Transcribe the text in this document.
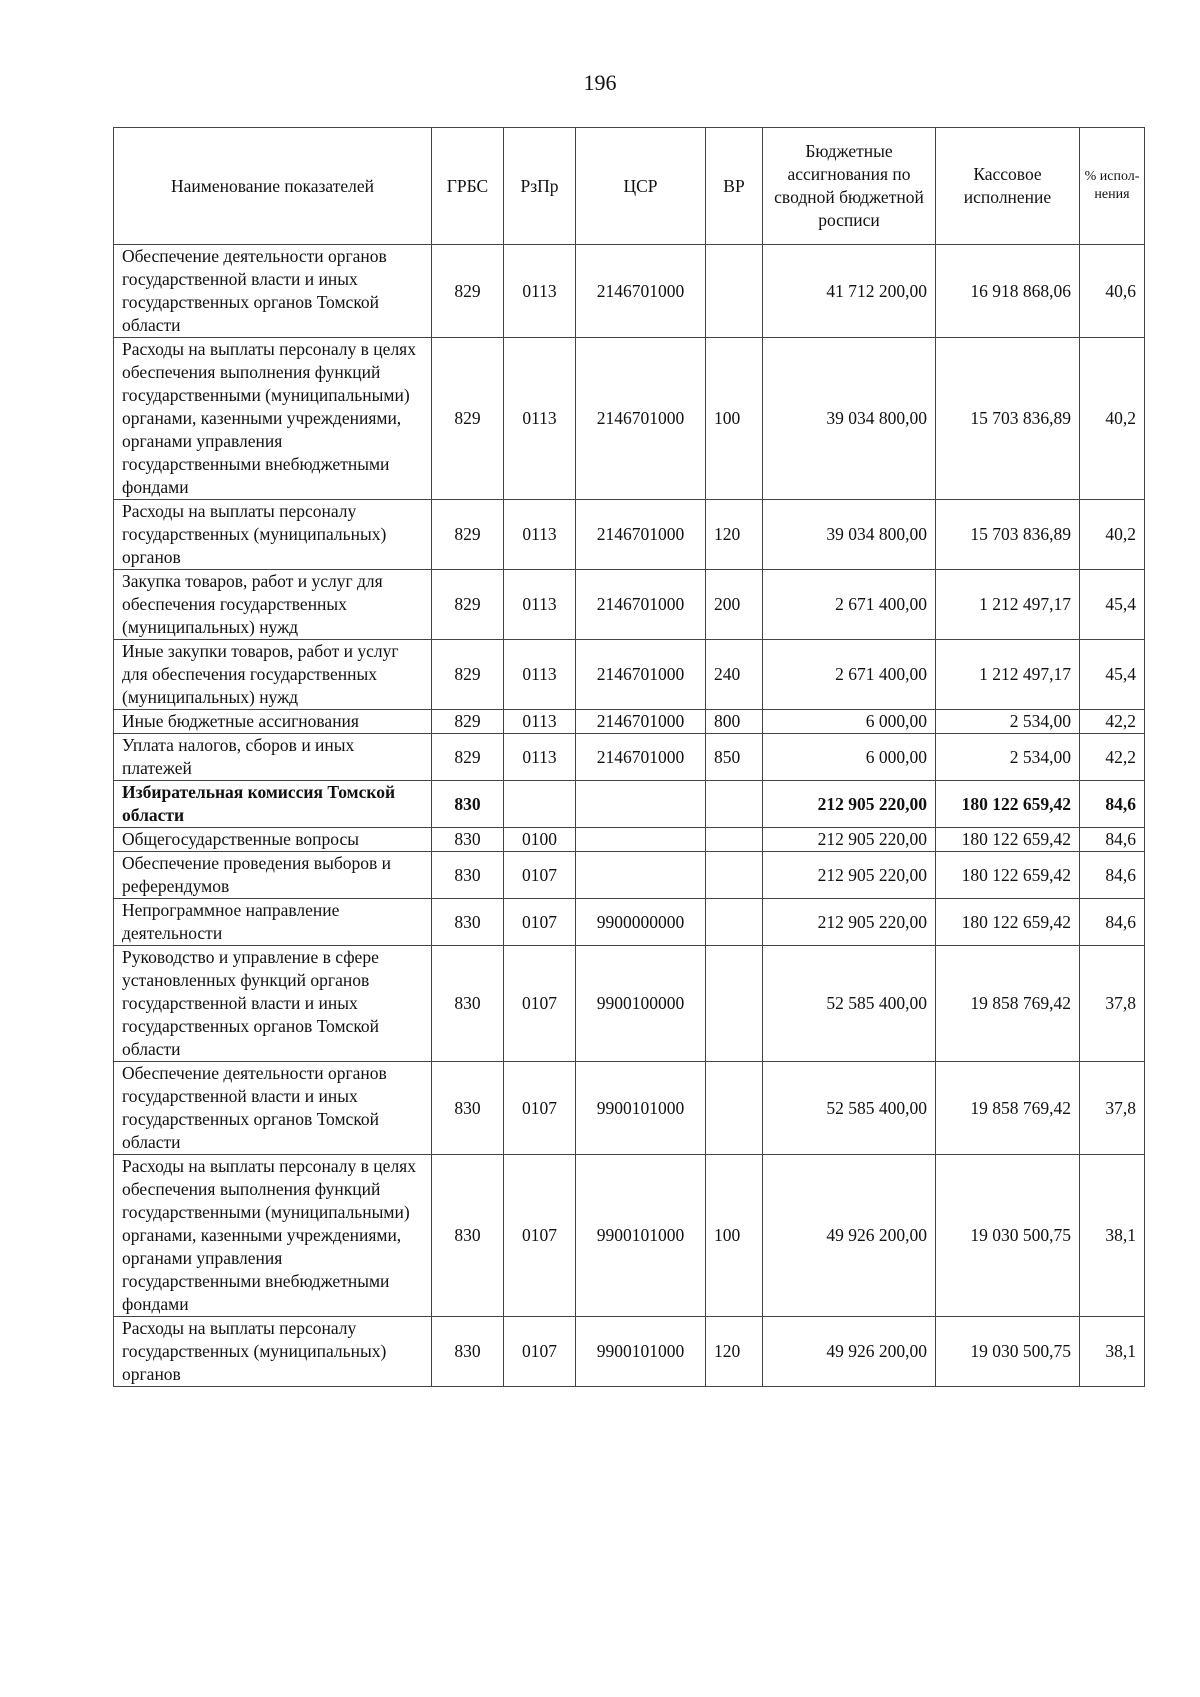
196
Наименование показателей	ГРБС	РзПр	ЦСР	ВР	Бюджетные ассигнования по сводной бюджетной росписи	Кассовое исполнение	% испол-нения
Обеспечение деятельности органов государственной власти и иных государственных органов Томской области	829	0113	2146701000		41 712 200,00	16 918 868,06	40,6
Расходы на выплаты персоналу в целях обеспечения выполнения функций государственными (муниципальными) органами, казенными учреждениями, органами управления государственными внебюджетными фондами	829	0113	2146701000	100	39 034 800,00	15 703 836,89	40,2
Расходы на выплаты персоналу государственных (муниципальных) органов	829	0113	2146701000	120	39 034 800,00	15 703 836,89	40,2
Закупка товаров, работ и услуг для обеспечения государственных (муниципальных) нужд	829	0113	2146701000	200	2 671 400,00	1 212 497,17	45,4
Иные закупки товаров, работ и услуг для обеспечения государственных (муниципальных) нужд	829	0113	2146701000	240	2 671 400,00	1 212 497,17	45,4
Иные бюджетные ассигнования	829	0113	2146701000	800	6 000,00	2 534,00	42,2
Уплата налогов, сборов и иных платежей	829	0113	2146701000	850	6 000,00	2 534,00	42,2
Избирательная комиссия Томской области	830				212 905 220,00	180 122 659,42	84,6
Общегосударственные вопросы	830	0100			212 905 220,00	180 122 659,42	84,6
Обеспечение проведения выборов и референдумов	830	0107			212 905 220,00	180 122 659,42	84,6
Непрограммное направление деятельности	830	0107	9900000000		212 905 220,00	180 122 659,42	84,6
Руководство и управление в сфере установленных функций органов государственной власти и иных государственных органов Томской области	830	0107	9900100000		52 585 400,00	19 858 769,42	37,8
Обеспечение деятельности органов государственной власти и иных государственных органов Томской области	830	0107	9900101000		52 585 400,00	19 858 769,42	37,8
Расходы на выплаты персоналу в целях обеспечения выполнения функций государственными (муниципальными) органами, казенными учреждениями, органами управления государственными внебюджетными фондами	830	0107	9900101000	100	49 926 200,00	19 030 500,75	38,1
Расходы на выплаты персоналу государственных (муниципальных) органов	830	0107	9900101000	120	49 926 200,00	19 030 500,75	38,1
